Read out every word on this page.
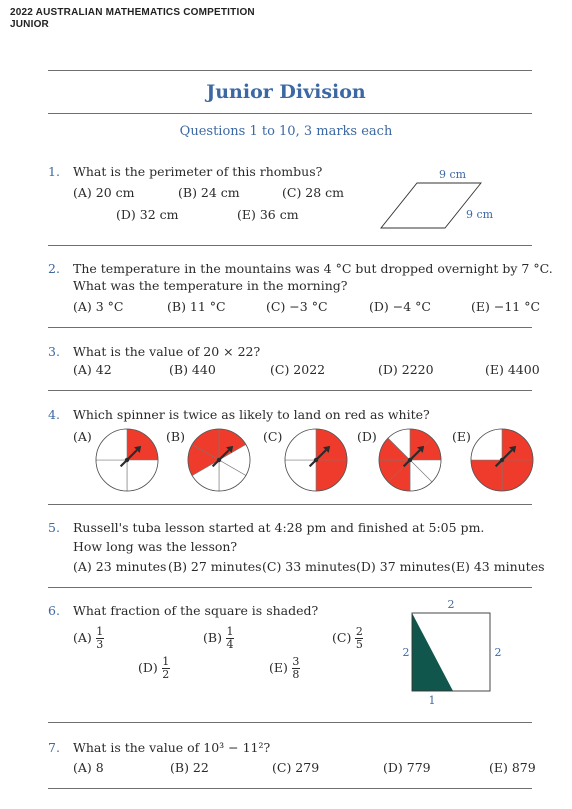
2022 AUSTRALIAN MATHEMATICS COMPETITION
JUNIOR
Junior Division
Questions 1 to 10, 3 marks each
1. What is the perimeter of this rhombus?
(A) 20 cm	(B) 24 cm	(C) 28 cm
(D) 32 cm	(E) 36 cm
9 cm
9 cm
2. The temperature in the mountains was 4 °C but dropped overnight by 7 °C.
What was the temperature in the morning?
(A) 3 °C	(B) 11 °C	(C) −3 °C	(D) −4 °C	(E) −11 °C
3. What is the value of 20 × 22?
(A) 42	(B) 440	(C) 2022	(D) 2220	(E) 4400
4. Which spinner is twice as likely to land on red as white?
(A)	(B)	(C)	(D)	(E)
5. Russell's tuba lesson started at 4:28 pm and finished at 5:05 pm.
How long was the lesson?
(A) 23 minutes (B) 27 minutes (C) 33 minutes (D) 37 minutes (E) 43 minutes
6. What fraction of the square is shaded?
$(A) \frac{1}{3}$	$(B) \frac{1}{4}$	$(C) \frac{2}{5}$
$(D) \frac{1}{2}$	$(E) \frac{3}{8}$
2
2	2
1
7. What is the value of 10³ − 11²?
(A) 8	(B) 22	(C) 279	(D) 779	(E) 879
